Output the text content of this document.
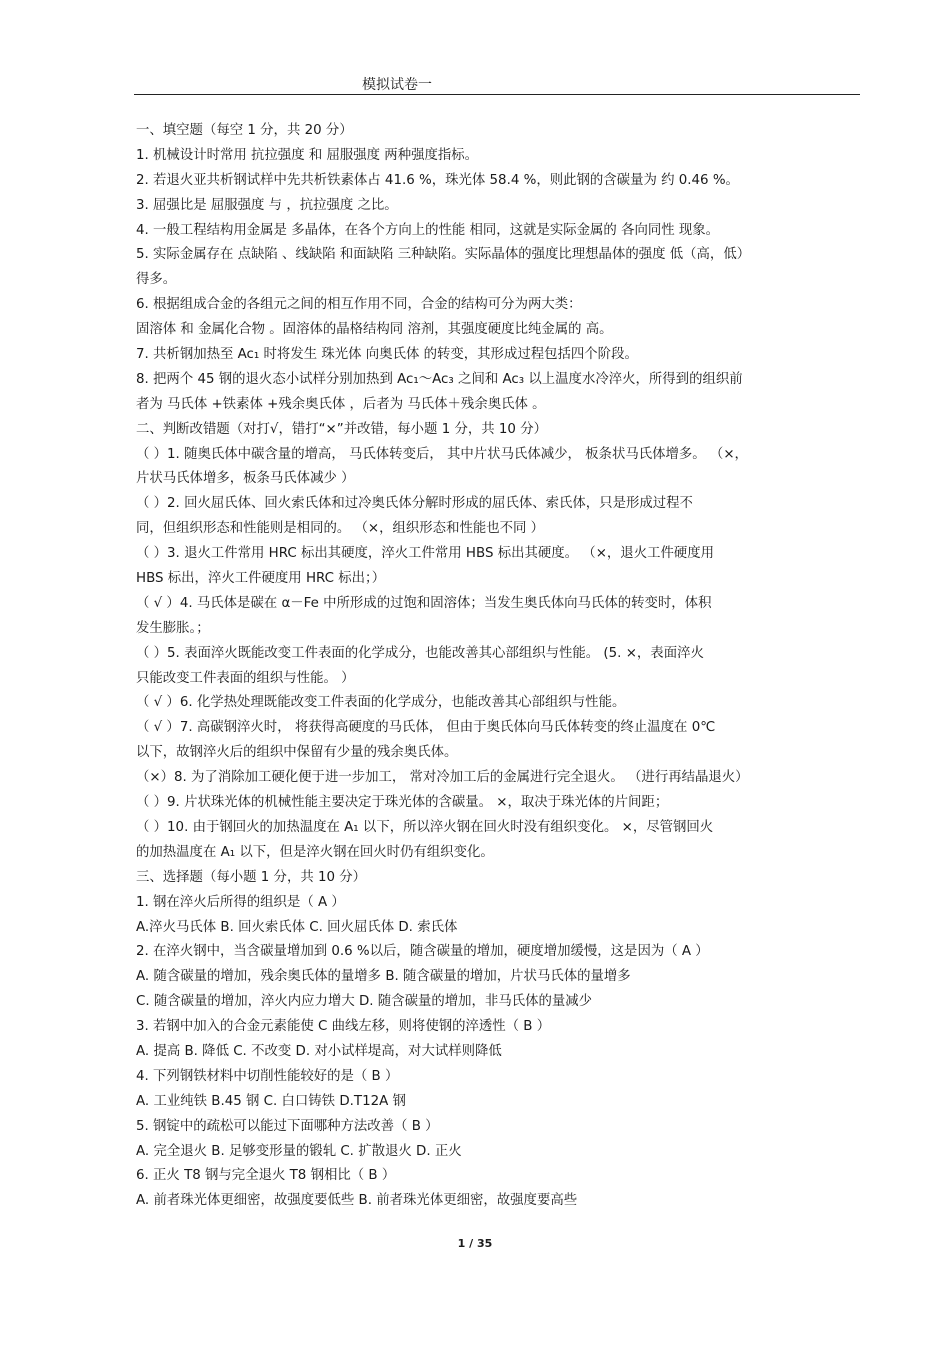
模拟试卷一
一、填空题（每空 1 分，共 20 分）
1. 机械设计时常用 抗拉强度 和 屈服强度 两种强度指标。
2. 若退火亚共析钢试样中先共析铁素体占 41.6 %，珠光体 58.4 %，则此钢的含碳量为 约 0.46 %。
3. 屈强比是 屈服强度 与 ，抗拉强度 之比。
4. 一般工程结构用金属是 多晶体，在各个方向上的性能 相同，这就是实际金属的 各向同性 现象。
5. 实际金属存在 点缺陷 、线缺陷 和面缺陷 三种缺陷。实际晶体的强度比理想晶体的强度 低（高，低）
得多。
6. 根据组成合金的各组元之间的相互作用不同，合金的结构可分为两大类：
固溶体 和 金属化合物 。固溶体的晶格结构同 溶剂，其强度硬度比纯金属的 高。
7. 共析钢加热至 Ac₁ 时将发生 珠光体 向奥氏体 的转变，其形成过程包括四个阶段。
8. 把两个 45 钢的退火态小试样分别加热到 Ac₁～Ac₃ 之间和 Ac₃ 以上温度水冷淬火，所得到的组织前
者为 马氏体 +铁素体 +残余奥氏体 ，后者为 马氏体＋残余奥氏体 。
二、判断改错题（对打√，错打“×”并改错，每小题 1 分，共 10 分）
（ ）1. 随奥氏体中碳含量的增高， 马氏体转变后， 其中片状马氏体减少， 板条状马氏体增多。 （×，
片状马氏体增多，板条马氏体减少 ）
（ ）2. 回火屈氏体、回火索氏体和过冷奥氏体分解时形成的屈氏体、索氏体，只是形成过程不
同，但组织形态和性能则是相同的。 （×，组织形态和性能也不同 ）
（ ）3. 退火工件常用 HRC 标出其硬度，淬火工件常用 HBS 标出其硬度。 （×，退火工件硬度用
HBS 标出，淬火工件硬度用 HRC 标出；）
（ √ ）4. 马氏体是碳在 α－Fe 中所形成的过饱和固溶体；当发生奥氏体向马氏体的转变时，体积
发生膨胀。；
（ ）5. 表面淬火既能改变工件表面的化学成分，也能改善其心部组织与性能。 (5. ×，表面淬火
只能改变工件表面的组织与性能。 ）
（ √ ）6. 化学热处理既能改变工件表面的化学成分，也能改善其心部组织与性能。
（ √ ）7. 高碳钢淬火时， 将获得高硬度的马氏体， 但由于奥氏体向马氏体转变的终止温度在 0℃
以下，故钢淬火后的组织中保留有少量的残余奥氏体。
（×）8. 为了消除加工硬化便于进一步加工， 常对冷加工后的金属进行完全退火。 （进行再结晶退火）
（ ）9. 片状珠光体的机械性能主要决定于珠光体的含碳量。 ×，取决于珠光体的片间距；
（ ）10. 由于钢回火的加热温度在 A₁ 以下，所以淬火钢在回火时没有组织变化。 ×，尽管钢回火
的加热温度在 A₁ 以下，但是淬火钢在回火时仍有组织变化。
三、选择题（每小题 1 分，共 10 分）
1. 钢在淬火后所得的组织是（ A ）
A.淬火马氏体 B. 回火索氏体 C. 回火屈氏体 D. 索氏体
2. 在淬火钢中，当含碳量增加到 0.6 %以后，随含碳量的增加，硬度增加缓慢，这是因为（ A ）
A. 随含碳量的增加，残余奥氏体的量增多 B. 随含碳量的增加，片状马氏体的量增多
C. 随含碳量的增加，淬火内应力增大 D. 随含碳量的增加，非马氏体的量减少
3. 若钢中加入的合金元素能使 C 曲线左移，则将使钢的淬透性（ B ）
A. 提高 B. 降低 C. 不改变 D. 对小试样堤高，对大试样则降低
4. 下列钢铁材料中切削性能较好的是（ B ）
A. 工业纯铁 B.45 钢 C. 白口铸铁 D.T12A 钢
5. 钢锭中的疏松可以能过下面哪种方法改善（ B ）
A. 完全退火 B. 足够变形量的锻轧 C. 扩散退火 D. 正火
6. 正火 T8 钢与完全退火 T8 钢相比（ B ）
A. 前者珠光体更细密，故强度要低些 B. 前者珠光体更细密，故强度要高些
1 / 35
